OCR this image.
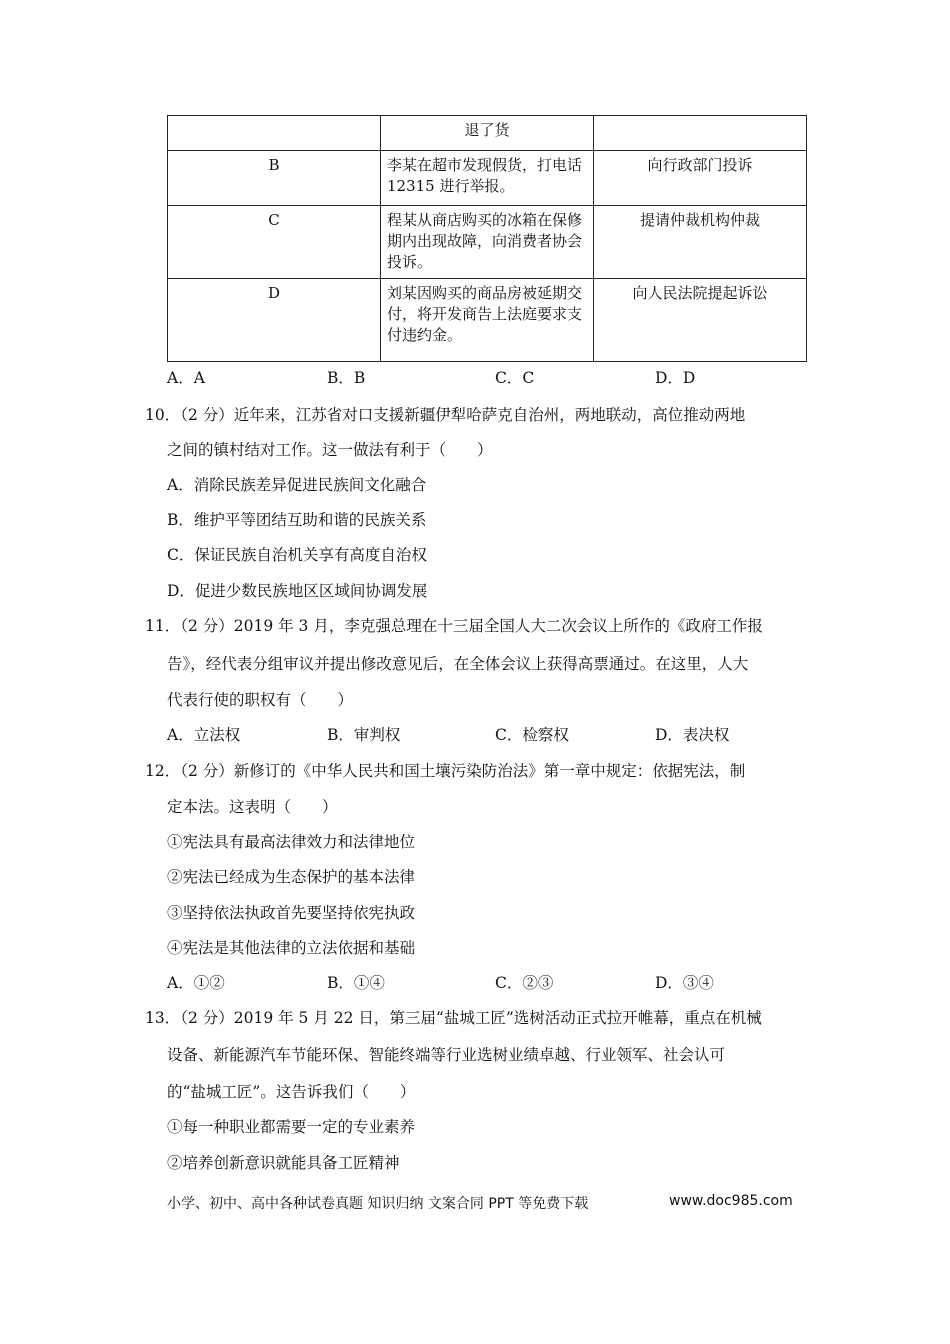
	退了货	
B	李某在超市发现假货，打电话 12315 进行举报。	向行政部门投诉
C	程某从商店购买的冰箱在保修期内出现故障，向消费者协会投诉。	提请仲裁机构仲裁
D	刘某因购买的商品房被延期交付，将开发商告上法庭要求支付违约金。	向人民法院提起诉讼
A．A	B．B	C．C	D．D
10．（2 分）近年来，江苏省对口支援新疆伊犁哈萨克自治州，两地联动，高位推动两地
之间的镇村结对工作。这一做法有利于（　　）
A．消除民族差异促进民族间文化融合
B．维护平等团结互助和谐的民族关系
C．保证民族自治机关享有高度自治权
D．促进少数民族地区区域间协调发展
11．（2 分）2019 年 3 月，李克强总理在十三届全国人大二次会议上所作的《政府工作报
告》，经代表分组审议并提出修改意见后，在全体会议上获得高票通过。在这里，人大
代表行使的职权有（　　）
A．立法权	B．审判权	C．检察权	D．表决权
12．（2 分）新修订的《中华人民共和国土壤污染防治法》第一章中规定：依据宪法，制
定本法。这表明（　　）
①宪法具有最高法律效力和法律地位
②宪法已经成为生态保护的基本法律
③坚持依法执政首先要坚持依宪执政
④宪法是其他法律的立法依据和基础
A．①②	B．①④	C．②③	D．③④
13．（2 分）2019 年 5 月 22 日，第三届“盐城工匠”选树活动正式拉开帷幕，重点在机械
设备、新能源汽车节能环保、智能终端等行业选树业绩卓越、行业领军、社会认可
的“盐城工匠”。这告诉我们（　　）
①每一种职业都需要一定的专业素养
②培养创新意识就能具备工匠精神
小学、初中、高中各种试卷真题 知识归纳 文案合同 PPT 等免费下载	www.doc985.com
